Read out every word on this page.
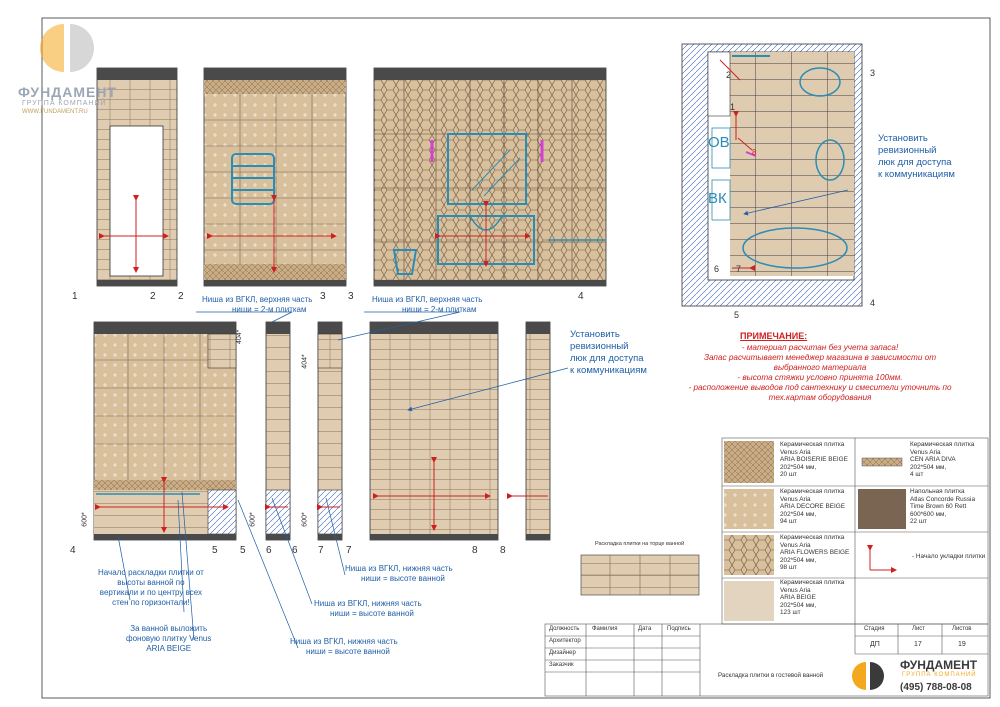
ФУНДАМЕНТ
ГРУППА КОМПАНИЙ
WWW.FUNDAMENT.RU
Ниша из ВГКЛ, верхняя часть
ниши = 2-м плиткам
Ниша из ВГКЛ, верхняя часть
ниши = 2-м плиткам
Установить
ревизионный
люк для доступа
к коммуникациям
Установить
ревизионный
люк для доступа
к коммуникациям
Начало раскладки плитки от
высоты ванной по
вертикали и по центру всех
стен по горизонтали!
За ванной выложить
фоновую плитку Venus
ARIA BEIGE
Ниша из ВГКЛ, нижняя часть
ниши = высоте ванной
Ниша из ВГКЛ, нижняя часть
ниши = высоте ванной
Ниша из ВГКЛ, нижняя часть
ниши = высоте ванной
Раскладка плитки на торце ванной
404*
404*
600*	600*	600*
ОВ
ВК
8
1	2 2	3 3	4
4	5 5 6 6 7 7	8 8
1
2	3
4
5
6 7
ПРИМЕЧАНИЕ:
- материал расчитан без учета запаса!
Запас расчитывает менеджер магазина в зависимости от
выбранного материала
- высота стяжки условно принята 100мм.
- расположение выводов под сантехнику и смесители уточнить по
тех.картам оборудования
Керамическая плитка
Venus Aria
ARIA BOISERIE BEIGE
202*504 мм,
20 шт
Керамическая плитка
Venus Aria
ARIA DECORE BEIGE
202*504 мм,
94 шт
Керамическая плитка
Venus Aria
ARIA FLOWERS BEIGE
202*504 мм,
98 шт
Керамическая плитка
Venus Aria
ARIA BEIGE
202*504 мм,
123 шт
Керамическая плитка
Venus Aria
CEN ARIA DIVA
202*504 мм,
4 шт
Напольная плитка
Atlas Concorde Russia
Time Brown 60 Rett
600*600 мм,
22 шт
- Начало укладки плитки
Должность Фамилия	Дата	Подпись
Архитектор
Дизайнер
Заказчик
Раскладка плитки в гостевой ванной
Стадия	Лист	Листов
ДП	17	19
ФУНДАМЕНТ
ГРУППА КОМПАНИЙ
(495) 788-08-08
